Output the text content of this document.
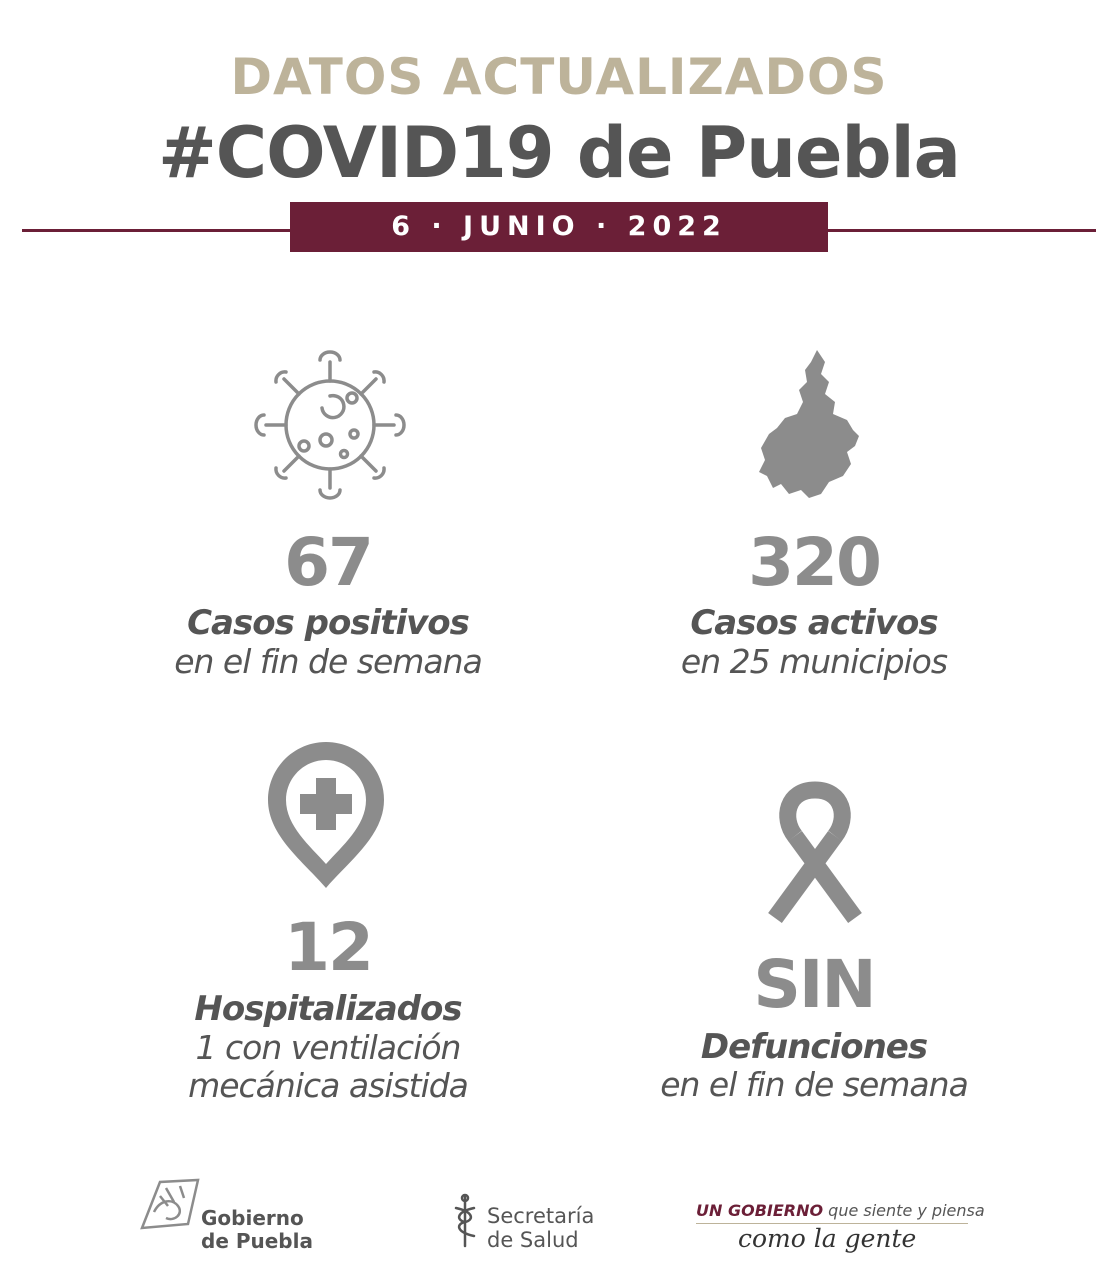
DATOS ACTUALIZADOS
#COVID19 de Puebla
6 · JUNIO · 2022
67
Casos positivos
en el fin de semana
320
Casos activos
en 25 municipios
12
Hospitalizados
1 con ventilación
mecánica asistida
SIN
Defunciones
en el fin de semana
Gobierno
de Puebla
Secretaría
de Salud
UN GOBIERNO que siente y piensa
como la gente
